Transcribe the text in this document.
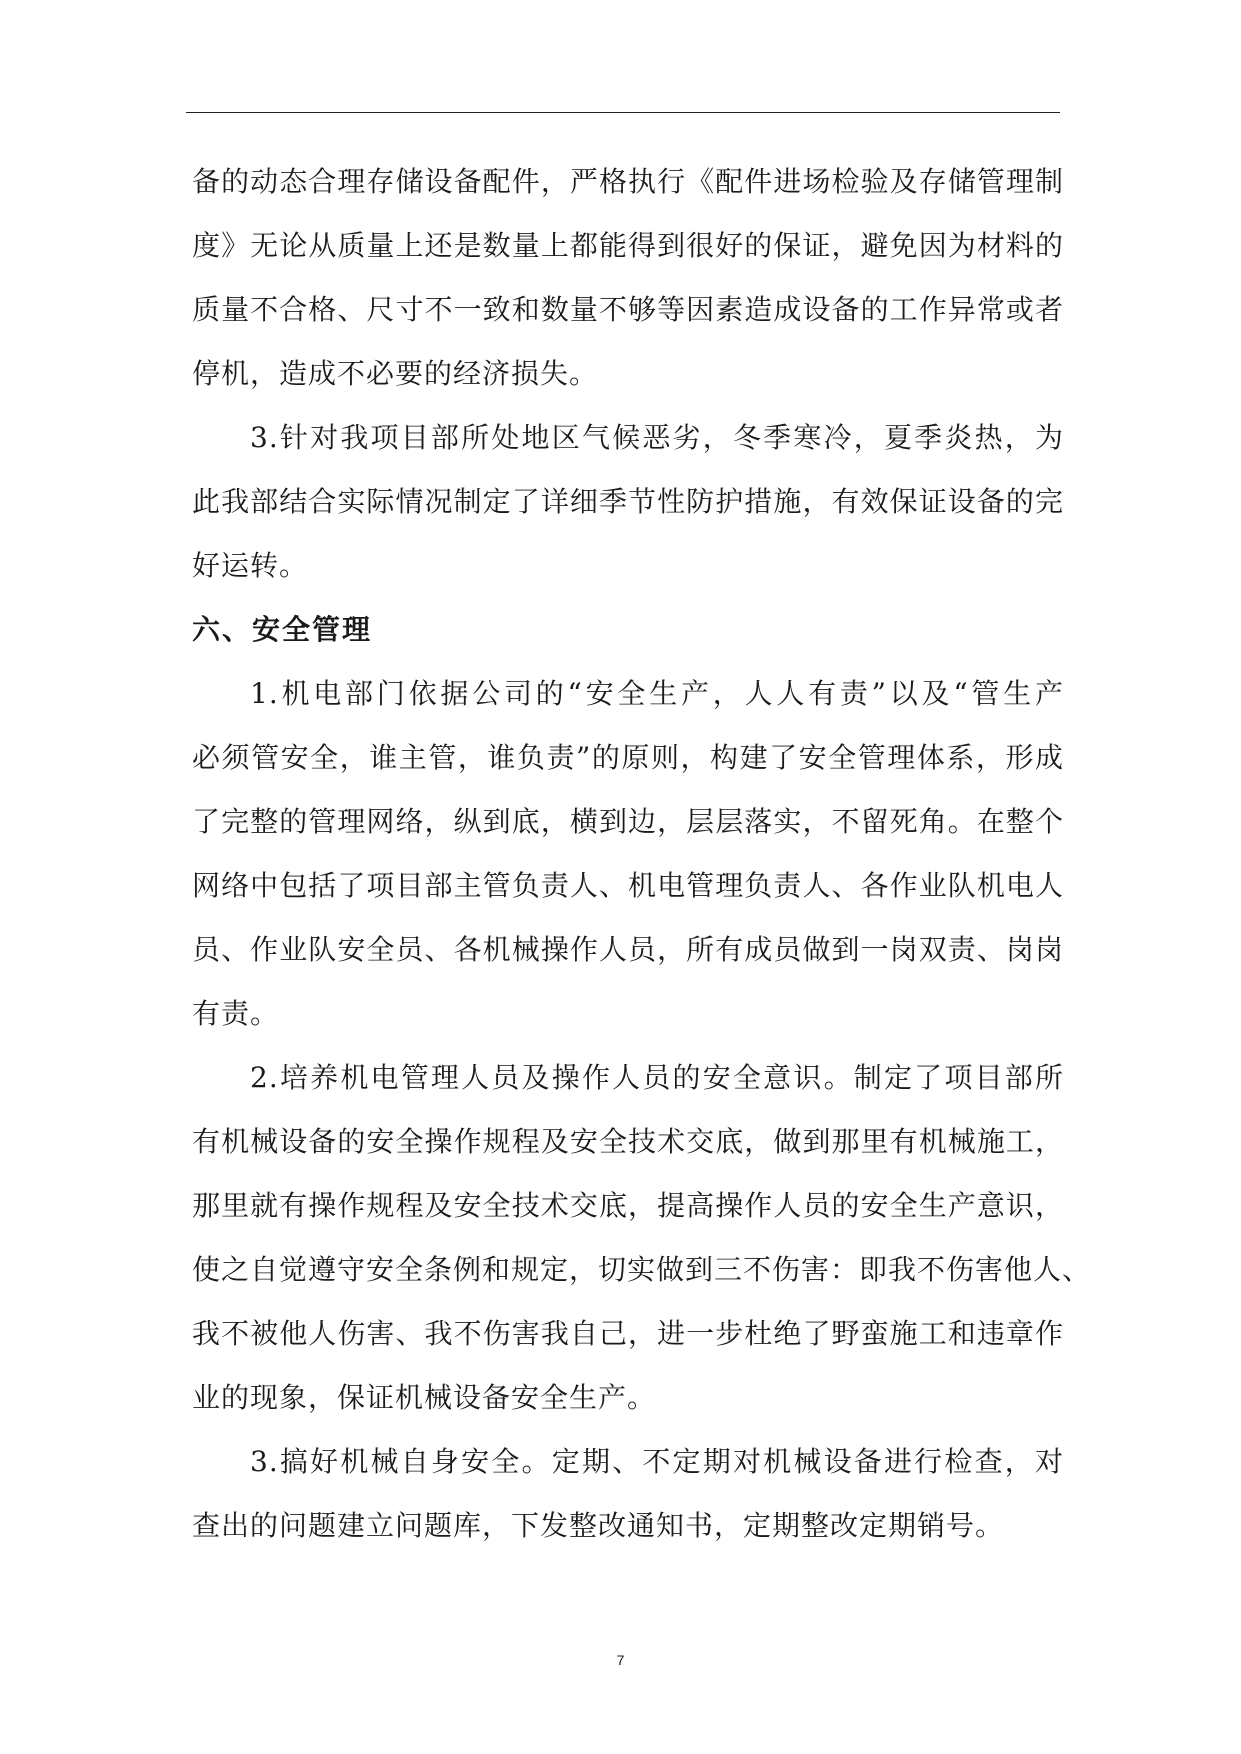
备的动态合理存储设备配件，严格执行《配件进场检验及存储管理制
度》无论从质量上还是数量上都能得到很好的保证，避免因为材料的
质量不合格、尺寸不一致和数量不够等因素造成设备的工作异常或者
停机，造成不必要的经济损失。
3.针对我项目部所处地区气候恶劣，冬季寒冷，夏季炎热，为
此我部结合实际情况制定了详细季节性防护措施，有效保证设备的完
好运转。
六、安全管理
1.机电部门依据公司的“安全生产，人人有责”以及“管生产
必须管安全，谁主管，谁负责”的原则，构建了安全管理体系，形成
了完整的管理网络，纵到底，横到边，层层落实，不留死角。在整个
网络中包括了项目部主管负责人、机电管理负责人、各作业队机电人
员、作业队安全员、各机械操作人员，所有成员做到一岗双责、岗岗
有责。
2.培养机电管理人员及操作人员的安全意识。制定了项目部所
有机械设备的安全操作规程及安全技术交底，做到那里有机械施工，
那里就有操作规程及安全技术交底，提高操作人员的安全生产意识，
使之自觉遵守安全条例和规定，切实做到三不伤害：即我不伤害他人、
我不被他人伤害、我不伤害我自己，进一步杜绝了野蛮施工和违章作
业的现象，保证机械设备安全生产。
3.搞好机械自身安全。定期、不定期对机械设备进行检查，对
查出的问题建立问题库，下发整改通知书，定期整改定期销号。
7
